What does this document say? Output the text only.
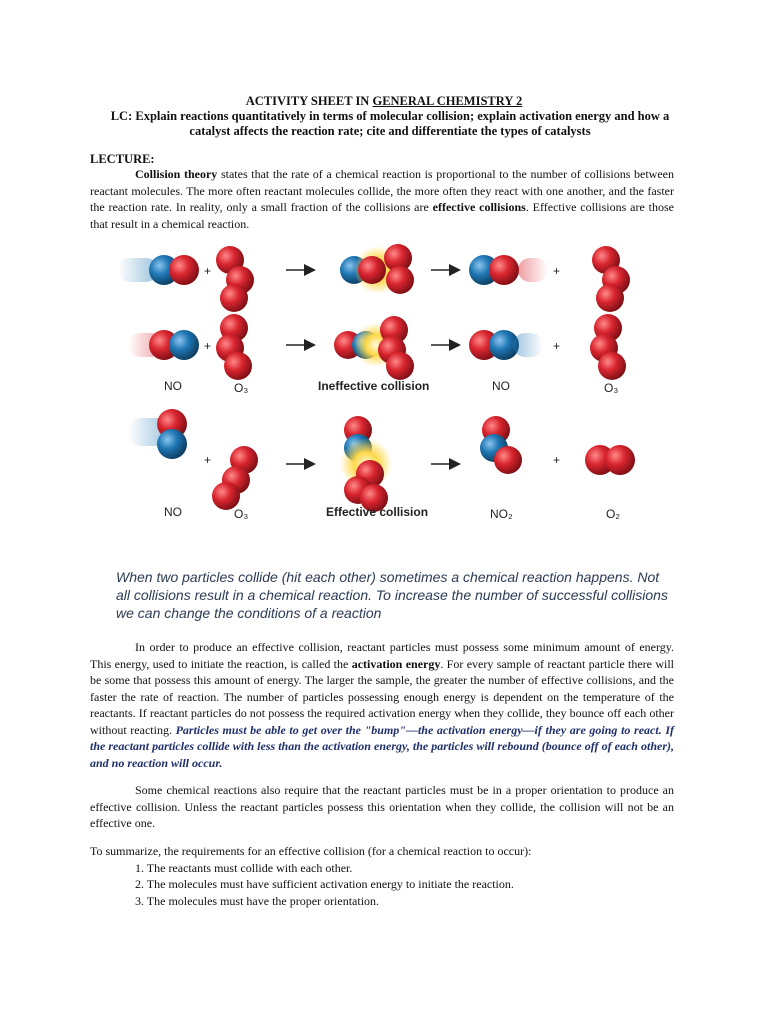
ACTIVITY SHEET IN GENERAL CHEMISTRY 2
LC: Explain reactions quantitatively in terms of molecular collision; explain activation energy and how a catalyst affects the reaction rate; cite and differentiate the types of catalysts
LECTURE:
Collision theory states that the rate of a chemical reaction is proportional to the number of collisions between reactant molecules. The more often reactant molecules collide, the more often they react with one another, and the faster the reaction rate. In reality, only a small fraction of the collisions are effective collisions. Effective collisions are those that result in a chemical reaction.
+	+
+	+
NO	O₃	Ineffective collision	NO	O₃
+	+
NO	O₃	Effective collision	NO₂	O₂
When two particles collide (hit each other) sometimes a chemical reaction happens. Not all collisions result in a chemical reaction. To increase the number of successful collisions we can change the conditions of a reaction
In order to produce an effective collision, reactant particles must possess some minimum amount of energy. This energy, used to initiate the reaction, is called the activation energy. For every sample of reactant particle there will be some that possess this amount of energy. The larger the sample, the greater the number of effective collisions, and the faster the rate of reaction. The number of particles possessing enough energy is dependent on the temperature of the reactants. If reactant particles do not possess the required activation energy when they collide, they bounce off each other without reacting. Particles must be able to get over the "bump"—the activation energy—if they are going to react. If the reactant particles collide with less than the activation energy, the particles will rebound (bounce off of each other), and no reaction will occur.
Some chemical reactions also require that the reactant particles must be in a proper orientation to produce an effective collision. Unless the reactant particles possess this orientation when they collide, the collision will not be an effective one.
To summarize, the requirements for an effective collision (for a chemical reaction to occur):
1. The reactants must collide with each other.
2. The molecules must have sufficient activation energy to initiate the reaction.
3. The molecules must have the proper orientation.
